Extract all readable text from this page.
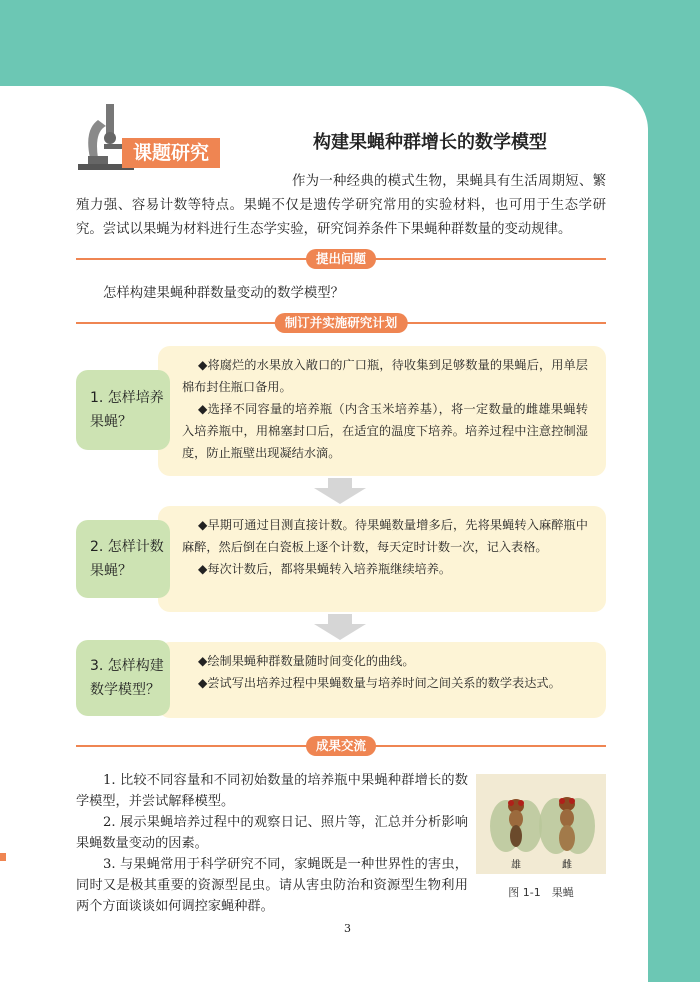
课题研究	构建果蝇种群增长的数学模型
作为一种经典的模式生物，果蝇具有生活周期短、繁殖力强、容易计数等特点。果蝇不仅是遗传学研究常用的实验材料，也可用于生态学研究。尝试以果蝇为材料进行生态学实验，研究饲养条件下果蝇种群数量的变动规律。
提出问题
怎样构建果蝇种群数量变动的数学模型？
制订并实施研究计划

◆将腐烂的水果放入敞口的广口瓶，待收集到足够数量的果蝇后，用单层棉布封住瓶口备用。

◆选择不同容量的培养瓶（内含玉米培养基），将一定数量的雌雄果蝇转入培养瓶中，用棉塞封口后，在适宜的温度下培养。培养过程中注意控制湿度，防止瓶壁出现凝结水滴。

1. 怎样培养果蝇？

◆早期可通过目测直接计数。待果蝇数量增多后，先将果蝇转入麻醉瓶中麻醉，然后倒在白瓷板上逐个计数，每天定时计数一次，记入表格。

◆每次计数后，都将果蝇转入培养瓶继续培养。

2. 怎样计数果蝇？

◆绘制果蝇种群数量随时间变化的曲线。

◆尝试写出培养过程中果蝇数量与培养时间之间关系的数学表达式。

3. 怎样构建数学模型？
成果交流

1. 比较不同容量和不同初始数量的培养瓶中果蝇种群增长的数学模型，并尝试解释模型。

2. 展示果蝇培养过程中的观察日记、照片等，汇总并分析影响果蝇数量变动的因素。

3. 与果蝇常用于科学研究不同，家蝇既是一种世界性的害虫，同时又是极其重要的资源型昆虫。请从害虫防治和资源型生物利用两个方面谈谈如何调控家蝇种群。

雄	雌
图 1-1　果蝇
3
